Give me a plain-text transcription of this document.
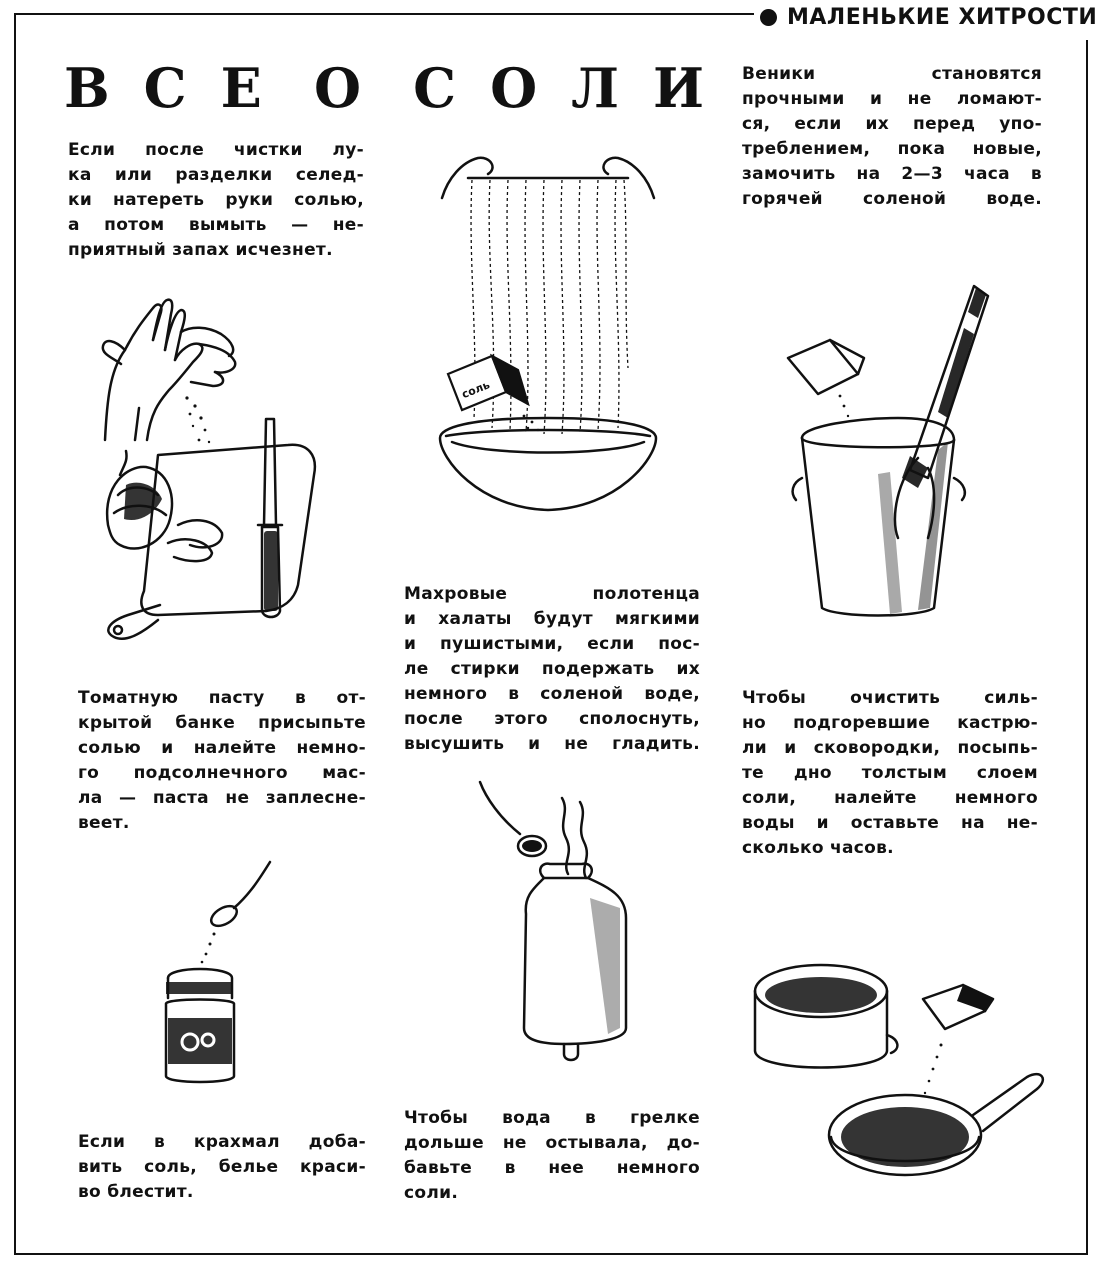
МАЛЕНЬКИЕ ХИТРОСТИ
В С Е О С О Л И
Если после чистки лу-
ка или разделки селед-
ки натереть руки солью,
а потом вымыть — не-
приятный запах исчезнет.
Томатную пасту в от-
крытой банке присыпьте
солью и налейте немно-
го подсолнечного мас-
ла — паста не заплесне-
веет.
Если в крахмал доба-
вить соль, белье краси-
во блестит.
Махровые полотенца
и халаты будут мягкими
и пушистыми, если пос-
ле стирки подержать их
немного в соленой воде,
после этого сполоснуть,
высушить и не гладить.
Чтобы вода в грелке
дольше не остывала, до-
бавьте в нее немного
соли.
Веники становятся
прочными и не ломают-
ся, если их перед упо-
треблением, пока новые,
замочить на 2—3 часа в
горячей соленой воде.
Чтобы очистить силь-
но подгоревшие кастрю-
ли и сковородки, посыпь-
те дно толстым слоем
соли, налейте немного
воды и оставьте на не-
сколько часов.
соль
